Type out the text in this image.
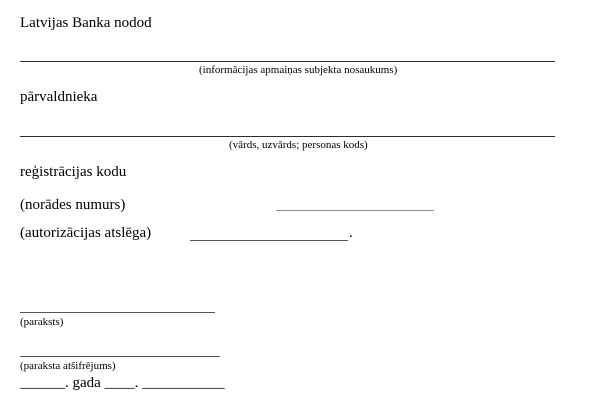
Latvijas Banka nodod
(informācijas apmaiņas subjekta nosaukums)
pārvaldnieka
(vārds, uzvārds; personas kods)
reģistrācijas kodu
(norādes numurs)
(autorizācijas atslēga)	.
(paraksts)
(paraksta atšifrējums)
______. gada ____. ___________
